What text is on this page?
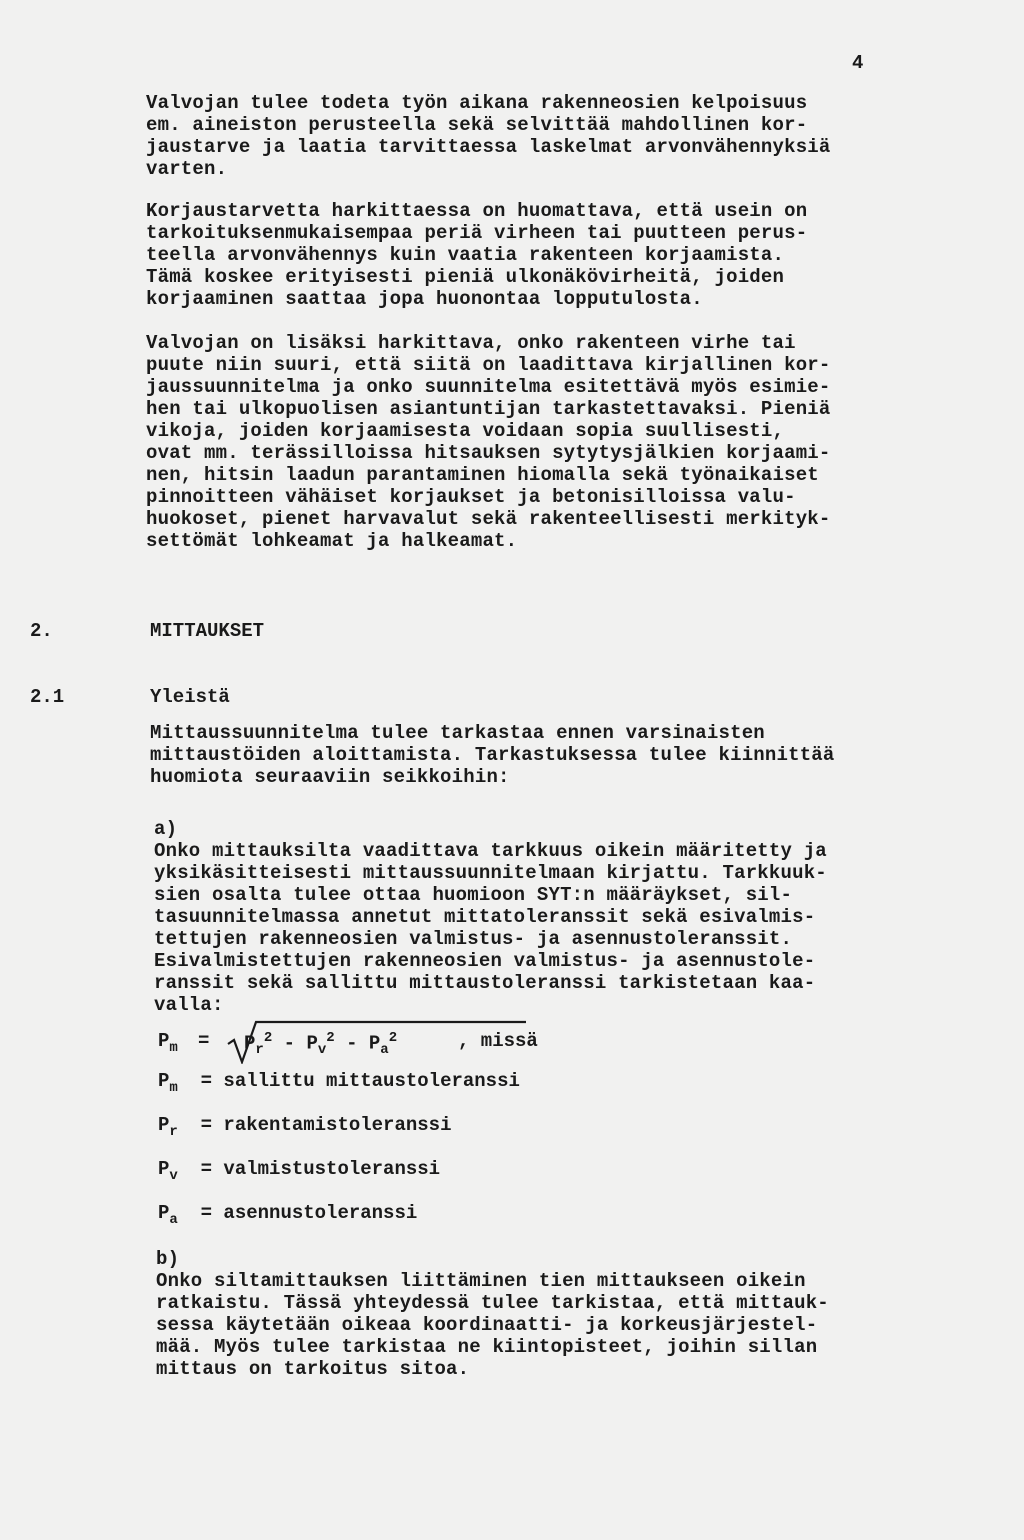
4

Valvojan tulee todeta työn aikana rakenneosien kelpoisuus
em. aineiston perusteella sekä selvittää mahdollinen kor-
jaustarve ja laatia tarvittaessa laskelmat arvonvähennyksiä
varten.

Korjaustarvetta harkittaessa on huomattava, että usein on
tarkoituksenmukaisempaa periä virheen tai puutteen perus-
teella arvonvähennys kuin vaatia rakenteen korjaamista.
Tämä koskee erityisesti pieniä ulkonäkövirheitä, joiden
korjaaminen saattaa jopa huonontaa lopputulosta.

Valvojan on lisäksi harkittava, onko rakenteen virhe tai
puute niin suuri, että siitä on laadittava kirjallinen kor-
jaussuunnitelma ja onko suunnitelma esitettävä myös esimie-
hen tai ulkopuolisen asiantuntijan tarkastettavaksi. Pieniä
vikoja, joiden korjaamisesta voidaan sopia suullisesti,
ovat mm. terässilloissa hitsauksen sytytysjälkien korjaami-
nen, hitsin laadun parantaminen hiomalla sekä työnaikaiset
pinnoitteen vähäiset korjaukset ja betonisilloissa valu-
huokoset, pienet harvavalut sekä rakenteellisesti merkityk-
settömät lohkeamat ja halkeamat.

2.	MITTAUKSET
2.1	Yleistä

Mittaussuunnitelma tulee tarkastaa ennen varsinaisten
mittaustöiden aloittamista. Tarkastuksessa tulee kiinnittää
huomiota seuraaviin seikkoihin:

a)

Onko mittauksilta vaadittava tarkkuus oikein määritetty ja
yksikäsitteisesti mittaussuunnitelmaan kirjattu. Tarkkuuk-
sien osalta tulee ottaa huomioon SYT:n määräykset, sil-
tasuunnitelmassa annetut mittatoleranssit sekä esivalmis-
tettujen rakenneosien valmistus- ja asennustoleranssit.
Esivalmistettujen rakenneosien valmistus- ja asennustole-
ranssit sekä sallittu mittaustoleranssi tarkistetaan kaa-
valla:

$P_m = P_r^2 - P_v^2 - P_a^2$	, missä
$P_m$ = sallittu mittaustoleranssi
$P_r$ = rakentamistoleranssi
$P_v$ = valmistustoleranssi
$P_a$ = asennustoleranssi

b)

Onko siltamittauksen liittäminen tien mittaukseen oikein
ratkaistu. Tässä yhteydessä tulee tarkistaa, että mittauk-
sessa käytetään oikeaa koordinaatti- ja korkeusjärjestel-
mää. Myös tulee tarkistaa ne kiintopisteet, joihin sillan
mittaus on tarkoitus sitoa.
